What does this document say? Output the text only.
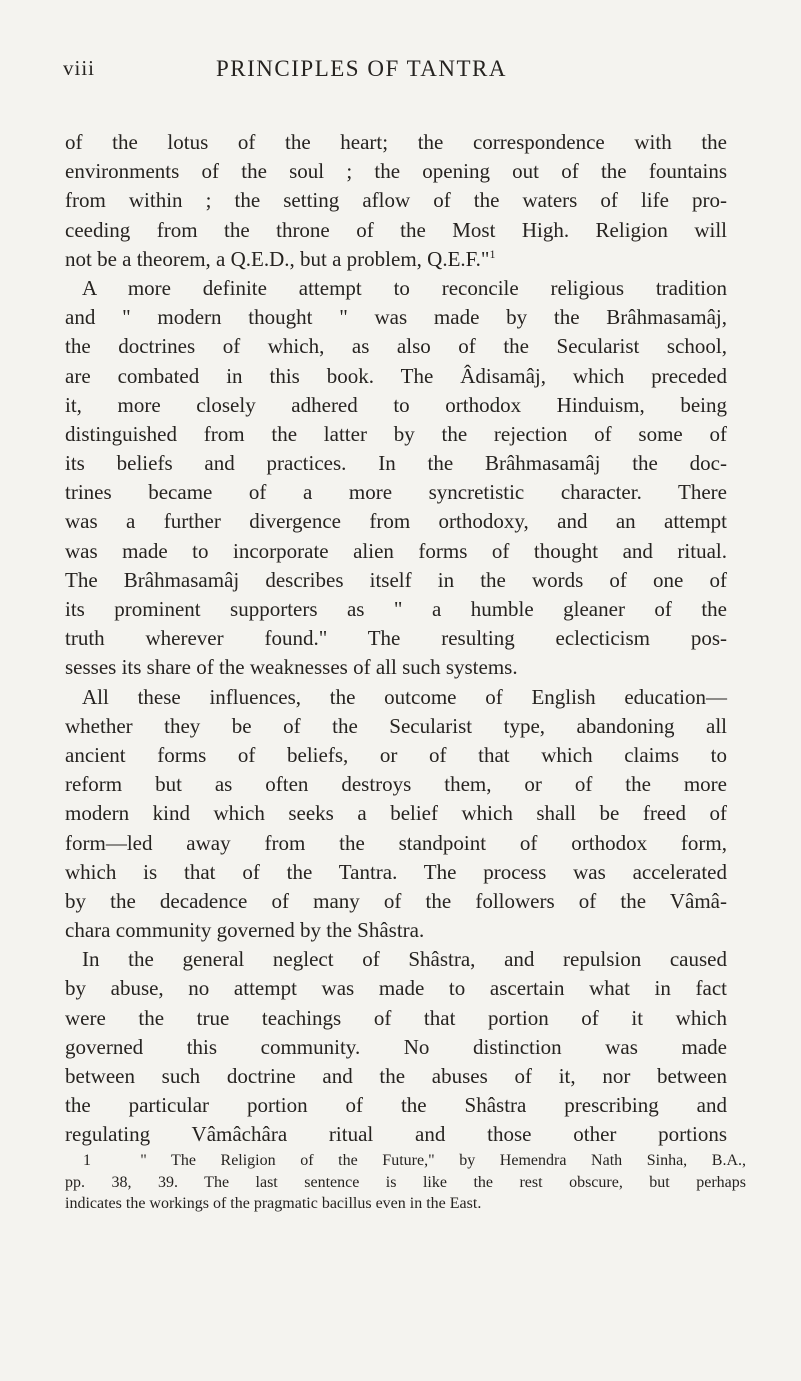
viii	PRINCIPLES OF TANTRA
of the lotus of the heart; the correspondence with the
environments of the soul ; the opening out of the fountains
from within ; the setting aflow of the waters of life pro-
ceeding from the throne of the Most High. Religion will
not be a theorem, a Q.E.D., but a problem, Q.E.F."$^1$
A more definite attempt to reconcile religious tradition
and " modern thought " was made by the Brâhmasamâj,
the doctrines of which, as also of the Secularist school,
are combated in this book. The Âdisamâj, which preceded
it, more closely adhered to orthodox Hinduism, being
distinguished from the latter by the rejection of some of
its beliefs and practices. In the Brâhmasamâj the doc-
trines became of a more syncretistic character. There
was a further divergence from orthodoxy, and an attempt
was made to incorporate alien forms of thought and ritual.
The Brâhmasamâj describes itself in the words of one of
its prominent supporters as " a humble gleaner of the
truth wherever found." The resulting eclecticism pos-
sesses its share of the weaknesses of all such systems.
All these influences, the outcome of English education—
whether they be of the Secularist type, abandoning all
ancient forms of beliefs, or of that which claims to
reform but as often destroys them, or of the more
modern kind which seeks a belief which shall be freed of
form—led away from the standpoint of orthodox form,
which is that of the Tantra. The process was accelerated
by the decadence of many of the followers of the Vâmâ-
chara community governed by the Shâstra.
In the general neglect of Shâstra, and repulsion caused
by abuse, no attempt was made to ascertain what in fact
were the true teachings of that portion of it which
governed this community. No distinction was made
between such doctrine and the abuses of it, nor between
the particular portion of the Shâstra prescribing and
regulating Vâmâchâra ritual and those other portions
1	" The Religion of the Future," by Hemendra Nath Sinha, B.A.,
pp. 38, 39. The last sentence is like the rest obscure, but perhaps
indicates the workings of the pragmatic bacillus even in the East.
